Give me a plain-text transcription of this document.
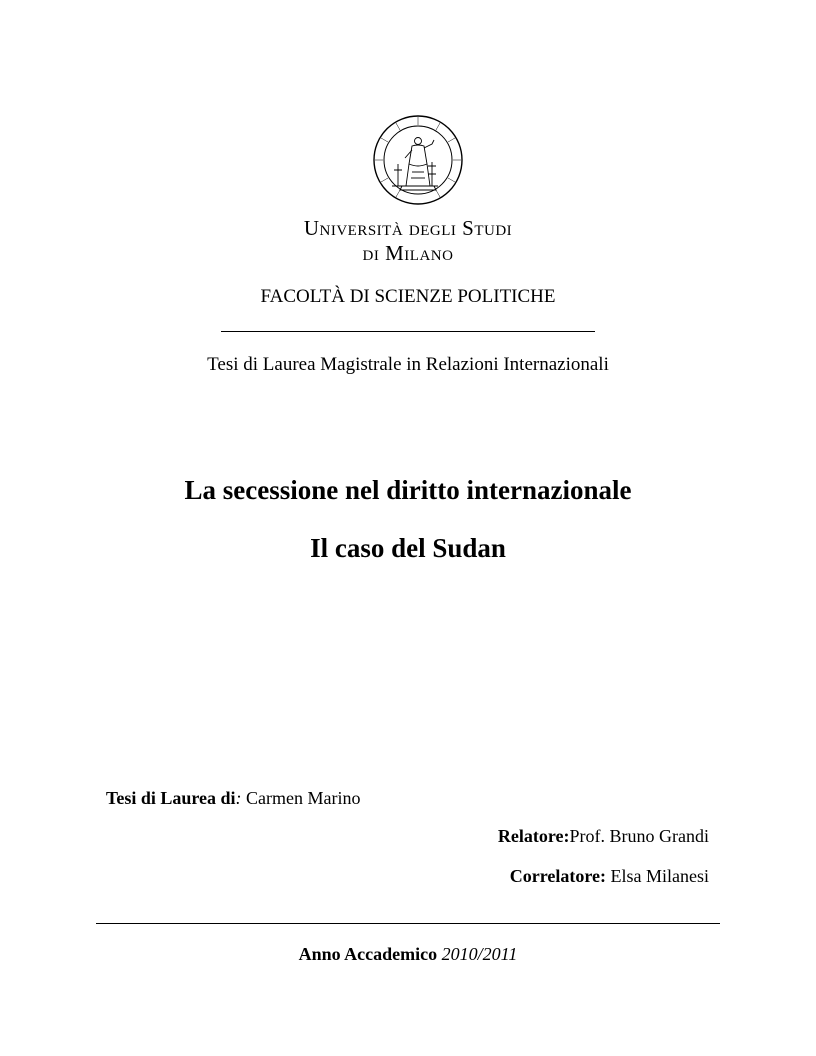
Università degli Studi
di Milano
FACOLTÀ DI SCIENZE POLITICHE
Tesi di Laurea Magistrale in Relazioni Internazionali
La secessione nel diritto internazionale
Il caso del Sudan
Tesi di Laurea di: Carmen Marino
Relatore:Prof. Bruno Grandi
Correlatore: Elsa Milanesi
Anno Accademico 2010/2011
